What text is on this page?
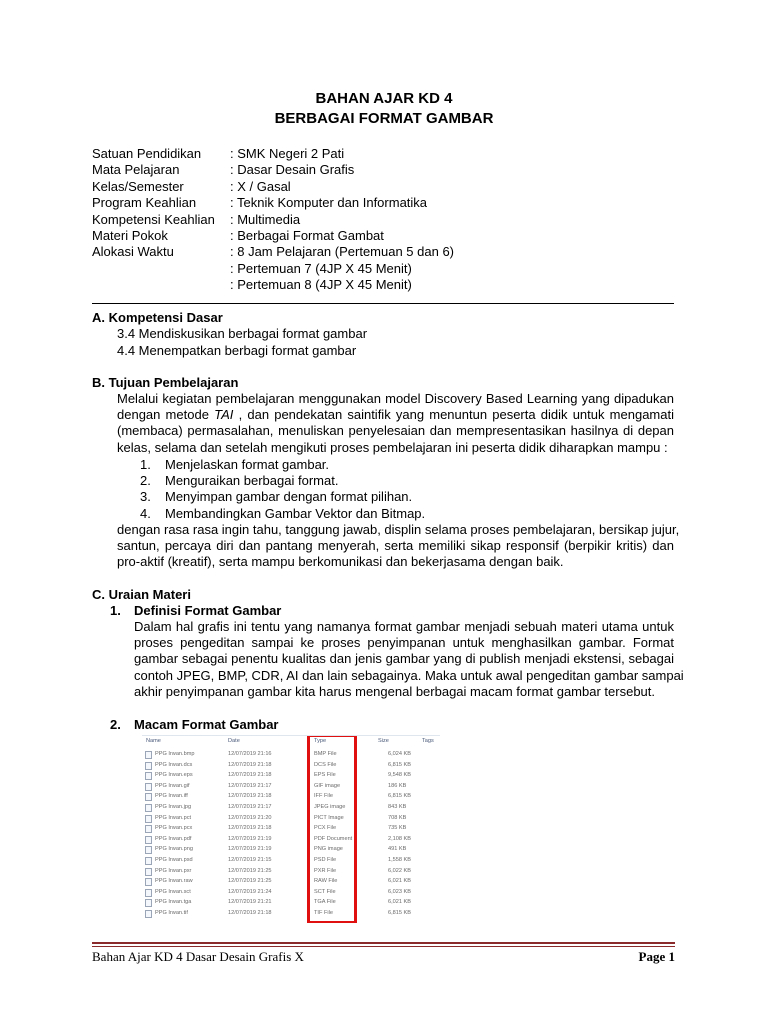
BAHAN AJAR KD 4
BERBAGAI FORMAT GAMBAR
Satuan Pendidikan	: SMK Negeri 2 Pati
Mata Pelajaran	: Dasar Desain Grafis
Kelas/Semester	: X / Gasal
Program Keahlian	: Teknik Komputer dan Informatika
Kompetensi Keahlian	: Multimedia
Materi Pokok	: Berbagai Format Gambat
Alokasi Waktu	: 8 Jam Pelajaran (Pertemuan 5 dan 6)
: Pertemuan 7 (4JP X 45 Menit)
: Pertemuan 8 (4JP X 45 Menit)
A. Kompetensi Dasar
3.4 Mendiskusikan berbagai format gambar
4.4 Menempatkan berbagi format gambar
B. Tujuan Pembelajaran
Melalui kegiatan pembelajaran menggunakan model Discovery Based Learning yang dipadukan
dengan metode TAI , dan pendekatan saintifik yang menuntun peserta didik untuk mengamati
(membaca) permasalahan, menuliskan penyelesaian dan mempresentasikan hasilnya di depan
kelas, selama dan setelah mengikuti proses pembelajaran ini peserta didik diharapkan mampu :
1.	Menjelaskan format gambar.
2.	Menguraikan berbagai format.
3.	Menyimpan gambar dengan format pilihan.
4.	Membandingkan Gambar Vektor dan Bitmap.
dengan rasa rasa ingin tahu, tanggung jawab, displin selama proses pembelajaran, bersikap jujur,
santun, percaya diri dan pantang menyerah, serta memiliki sikap responsif (berpikir kritis) dan
pro-aktif (kreatif), serta mampu berkomunikasi dan bekerjasama dengan baik.
C. Uraian Materi
1. Definisi Format Gambar
Dalam hal grafis ini tentu yang namanya format gambar menjadi sebuah materi utama untuk
proses pengeditan sampai ke proses penyimpanan untuk menghasilkan gambar. Format
gambar sebagai penentu kualitas dan jenis gambar yang di publish menjadi ekstensi, sebagai
contoh JPEG, BMP, CDR, AI dan lain sebagainya. Maka untuk awal pengeditan gambar sampai
akhir penyimpanan gambar kita harus mengenal berbagai macam format gambar tersebut.
2. Macam Format Gambar
Name	Date	Type	Size	Tags
PPG Irwan.bmp	12/07/2019 21:16	BMP File	6,024 KB
PPG Irwan.dcs	12/07/2019 21:18	DCS File	6,815 KB
PPG Irwan.eps	12/07/2019 21:18	EPS File	9,548 KB
PPG Irwan.gif	12/07/2019 21:17	GIF image	186 KB
PPG Irwan.iff	12/07/2019 21:18	IFF File	6,815 KB
PPG Irwan.jpg	12/07/2019 21:17	JPEG image	843 KB
PPG Irwan.pct	12/07/2019 21:20	PICT Image	708 KB
PPG Irwan.pcx	12/07/2019 21:18	PCX File	735 KB
PPG Irwan.pdf	12/07/2019 21:19	PDF Document	2,108 KB
PPG Irwan.png	12/07/2019 21:19	PNG image	491 KB
PPG Irwan.psd	12/07/2019 21:15	PSD File	1,558 KB
PPG Irwan.pxr	12/07/2019 21:25	PXR File	6,022 KB
PPG Irwan.raw	12/07/2019 21:25	RAW File	6,021 KB
PPG Irwan.sct	12/07/2019 21:24	SCT File	6,023 KB
PPG Irwan.tga	12/07/2019 21:21	TGA File	6,021 KB
PPG Irwan.tif	12/07/2019 21:18	TIF File	6,815 KB
Bahan Ajar KD 4 Dasar Desain Grafis X	Page 1
